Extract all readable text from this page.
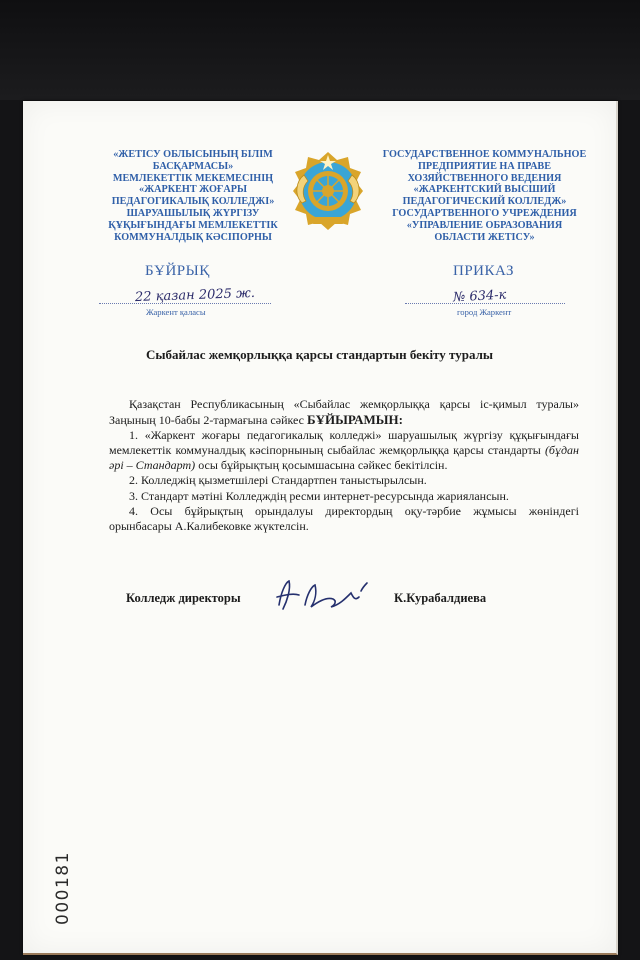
«ЖЕТІСУ ОБЛЫСЫНЫҢ БІЛІМ
БАСҚАРМАСЫ»
МЕМЛЕКЕТТІК МЕКЕМЕСІНІҢ
«ЖАРКЕНТ ЖОҒАРЫ
ПЕДАГОГИКАЛЫҚ КОЛЛЕДЖІ»
ШАРУАШЫЛЫҚ ЖҮРГІЗУ
ҚҰҚЫҒЫНДАҒЫ МЕМЛЕКЕТТІК
КОММУНАЛДЫҚ КӘСІПОРНЫ
ГОСУДАРСТВЕННОЕ КОММУНАЛЬНОЕ
ПРЕДПРИЯТИЕ НА ПРАВЕ
ХОЗЯЙСТВЕННОГО ВЕДЕНИЯ
«ЖАРКЕНТСКИЙ ВЫСШИЙ
ПЕДАГОГИЧЕСКИЙ КОЛЛЕДЖ»
ГОСУДАРТВЕННОГО УЧРЕЖДЕНИЯ
«УПРАВЛЕНИЕ ОБРАЗОВАНИЯ
ОБЛАСТИ ЖЕТІСУ»
БҰЙРЫҚ	ПРИКАЗ
22 қазан 2025 ж.	№ 634-к
Жаркент қаласы	город Жаркент
Сыбайлас жемқорлыққа қарсы стандартын бекіту туралы

Қазақстан Республикасының «Сыбайлас жемқорлыққа қарсы іс-қимыл туралы» Заңының 10-бабы 2-тармағына сәйкес БҰЙЫРАМЫН:

1. «Жаркент жоғары педагогикалық колледжі» шаруашылық жүргізу құқығындағы мемлекеттік коммуналдық кәсіпорнының сыбайлас жемқорлыққа қарсы стандарты (бұдан әрі – Стандарт) осы бұйрықтың қосымшасына сәйкес бекітілсін.

2. Колледжің қызметшілері Стандартпен таныстырылсын.

3. Стандарт мәтіні Колледждің ресми интернет-ресурсында жариялансын.

4. Осы бұйрықтың орындалуы директордың оқу-тәрбие жұмысы жөніндегі орынбасары А.Калибековке жүктелсін.

Колледж директоры	К.Курабалдиева
000181
